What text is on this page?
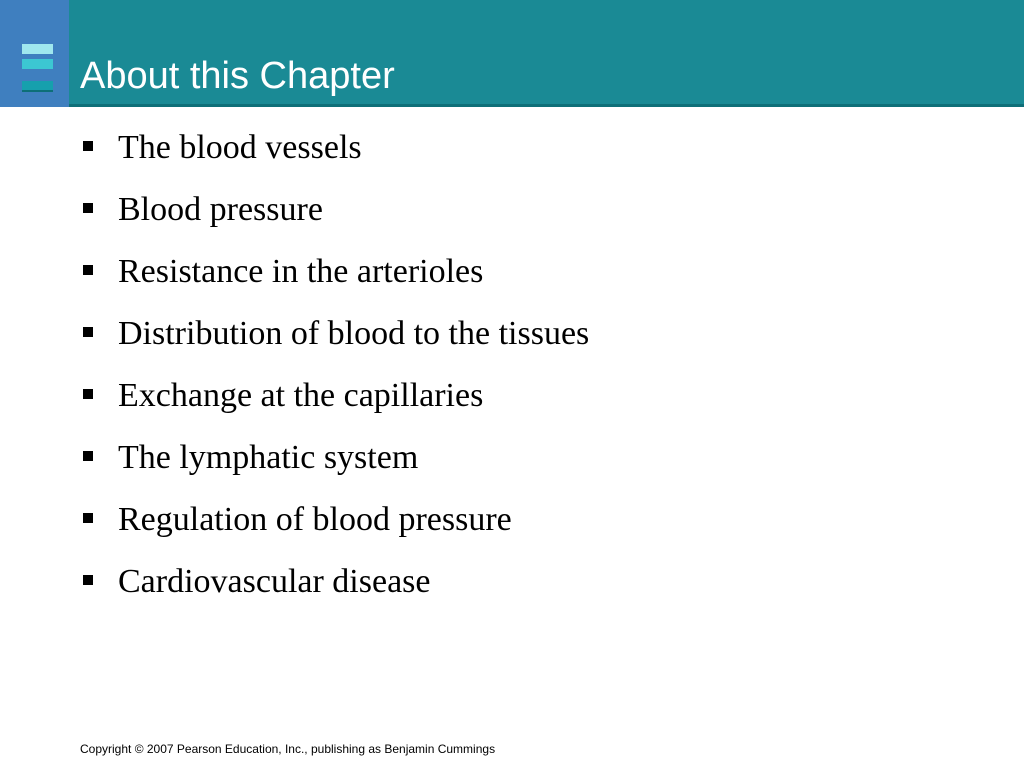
About this Chapter
The blood vessels
Blood pressure
Resistance in the arterioles
Distribution of blood to the tissues
Exchange at the capillaries
The lymphatic system
Regulation of blood pressure
Cardiovascular disease
Copyright © 2007 Pearson Education, Inc., publishing as Benjamin Cummings
